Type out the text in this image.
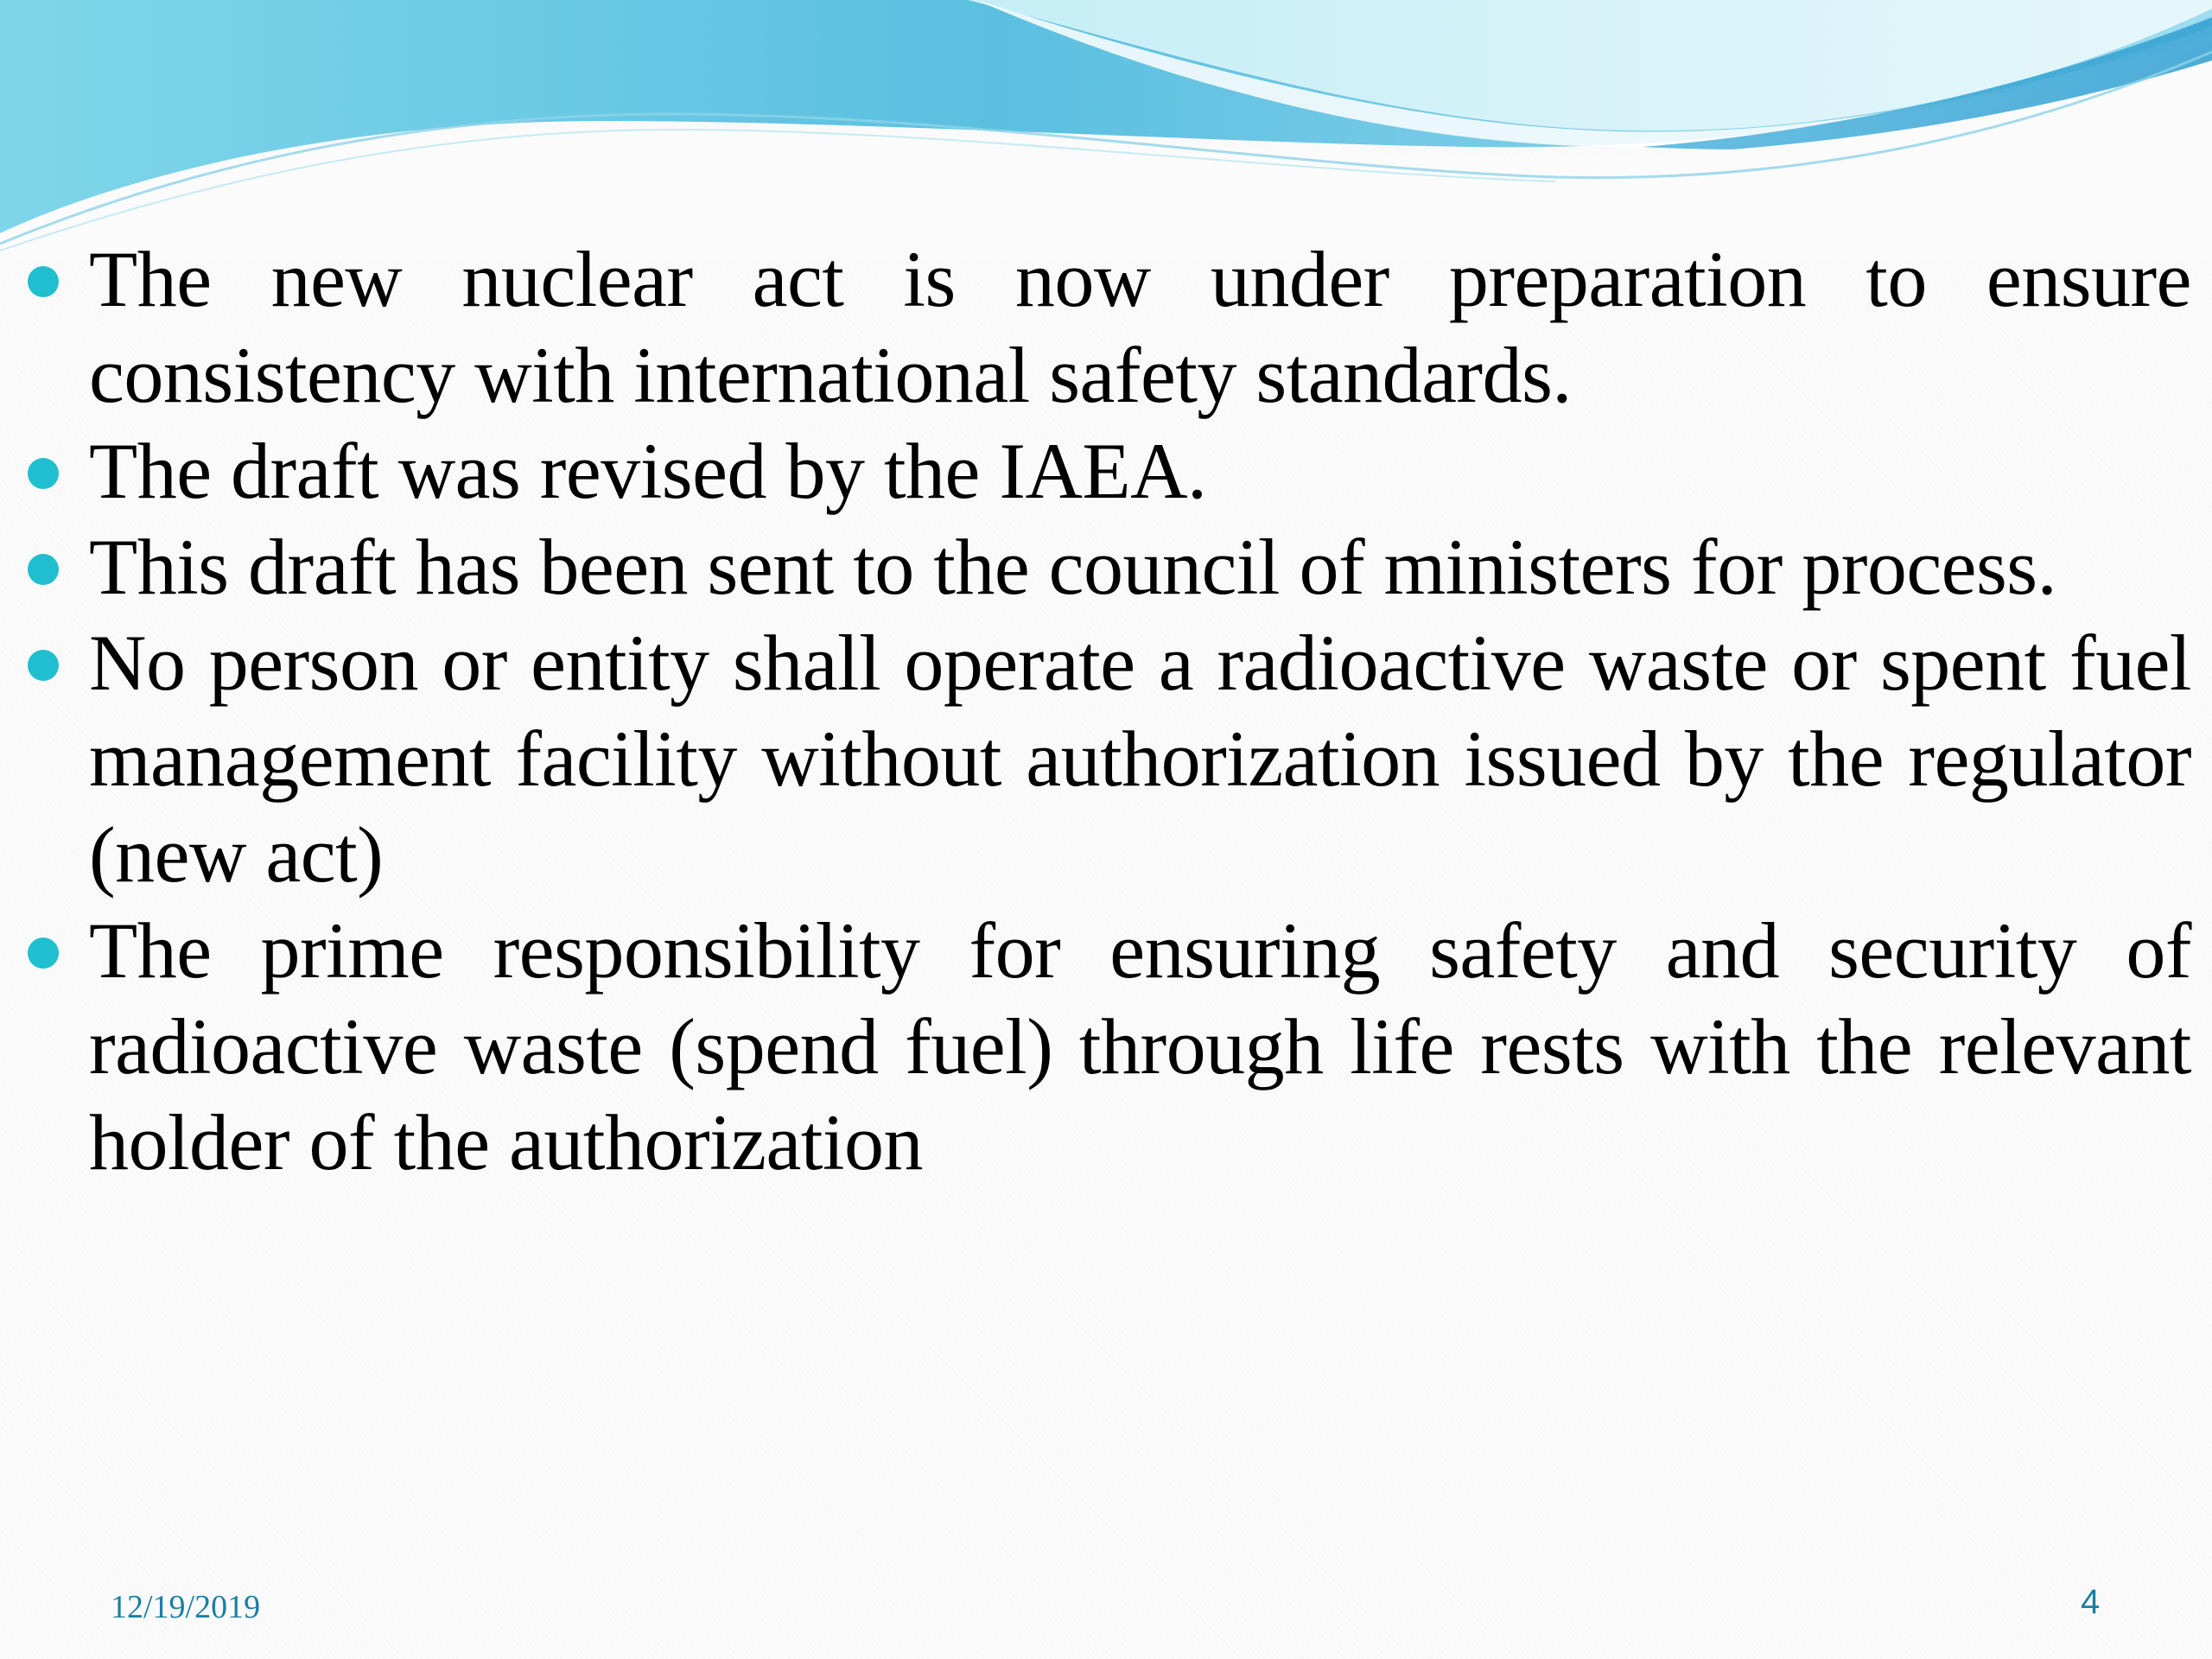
The new nuclear act is now under preparation to ensure consistency with international safety standards.
The draft was revised by the IAEA.
This draft has been sent to the council of ministers for process.
No person or entity shall operate a radioactive waste or spent fuel management facility without authorization issued by the regulator (new act)
The prime responsibility for ensuring safety and security of radioactive waste (spend fuel) through life rests with the relevant holder of the authorization
12/19/2019	4
